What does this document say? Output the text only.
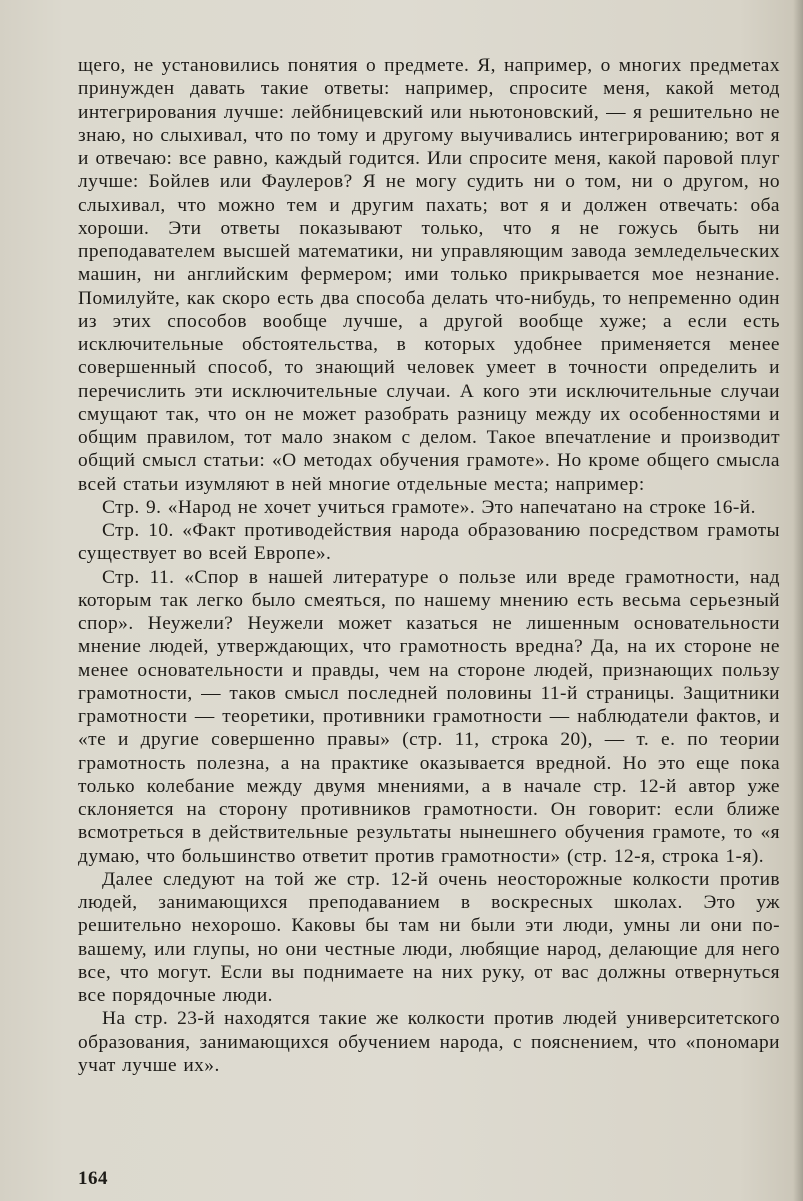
щего, не установились понятия о предмете. Я, например, о многих предметах принужден давать такие ответы: например, спросите меня, какой метод интегрирования лучше: лейбницевский или ньютоновский, — я решительно не знаю, но слыхивал, что по тому и другому выучивались интегрированию; вот я и отвечаю: все равно, каждый годится. Или спросите меня, какой паровой плуг лучше: Бойлев или Фаулеров? Я не могу судить ни о том, ни о другом, но слыхивал, что можно тем и другим пахать; вот я и должен отвечать: оба хороши. Эти ответы показывают только, что я не гожусь быть ни преподавателем высшей математики, ни управляющим завода земледельческих машин, ни английским фермером; ими только прикрывается мое незнание. Помилуйте, как скоро есть два способа делать что-нибудь, то непременно один из этих способов вообще лучше, а другой вообще хуже; а если есть исключительные обстоятельства, в которых удобнее применяется менее совершенный способ, то знающий человек умеет в точности определить и перечислить эти исключительные случаи. А кого эти исключительные случаи смущают так, что он не может разобрать разницу между их особенностями и общим правилом, тот мало знаком с делом. Такое впечатление и производит общий смысл статьи: «О методах обучения грамоте». Но кроме общего смысла всей статьи изумляют в ней многие отдельные места; например:

Стр. 9. «Народ не хочет учиться грамоте». Это напечатано на строке 16-й.

Стр. 10. «Факт противодействия народа образованию посредством грамоты существует во всей Европе».

Стр. 11. «Спор в нашей литературе о пользе или вреде грамотности, над которым так легко было смеяться, по нашему мнению есть весьма серьезный спор». Неужели? Неужели может казаться не лишенным основательности мнение людей, утверждающих, что грамотность вредна? Да, на их стороне не менее основательности и правды, чем на стороне людей, признающих пользу грамотности, — таков смысл последней половины 11-й страницы. Защитники грамотности — теоретики, противники грамотности — наблюдатели фактов, и «те и другие совершенно правы» (стр. 11, строка 20), — т. е. по теории грамотность полезна, а на практике оказывается вредной. Но это еще пока только колебание между двумя мнениями, а в начале стр. 12-й автор уже склоняется на сторону противников грамотности. Он говорит: если ближе всмотреться в действительные результаты нынешнего обучения грамоте, то «я думаю, что большинство ответит против грамотности» (стр. 12-я, строка 1-я).

Далее следуют на той же стр. 12-й очень неосторожные колкости против людей, занимающихся преподаванием в воскресных школах. Это уж решительно нехорошо. Каковы бы там ни были эти люди, умны ли они по-вашему, или глупы, но они честные люди, любящие народ, делающие для него все, что могут. Если вы поднимаете на них руку, от вас должны отвернуться все порядочные люди.

На стр. 23-й находятся такие же колкости против людей университетского образования, занимающихся обучением народа, с пояснением, что «пономари учат лучше их».

164
